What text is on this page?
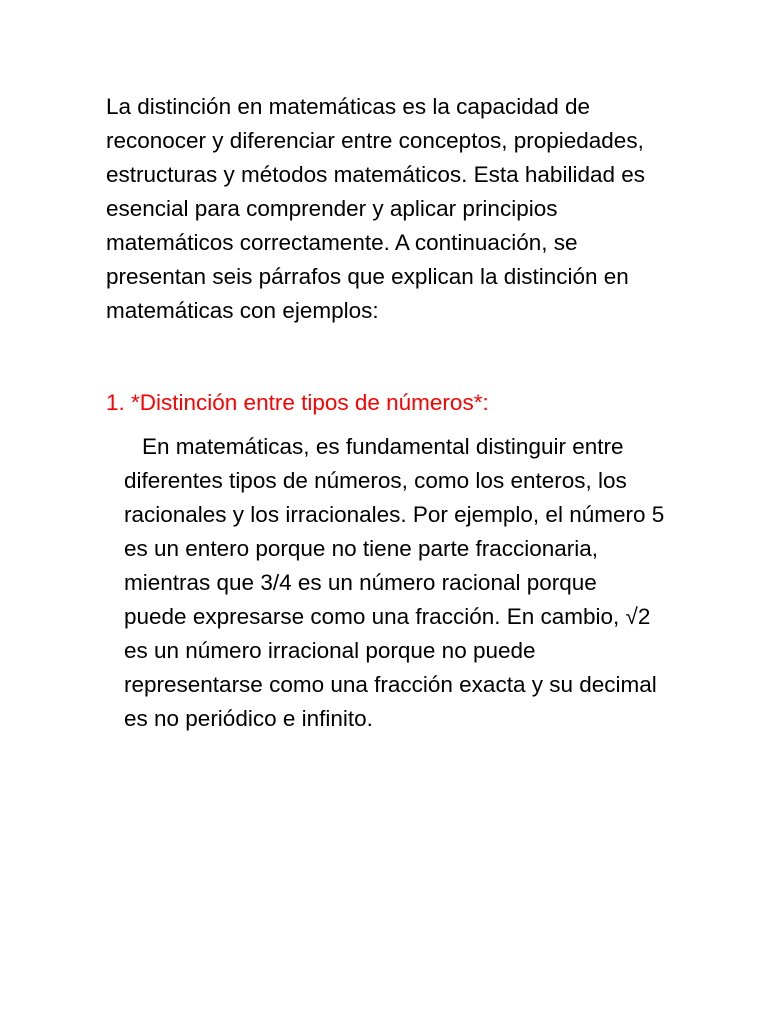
La distinción en matemáticas es la capacidad de
reconocer y diferenciar entre conceptos, propiedades,
estructuras y métodos matemáticos. Esta habilidad es
esencial para comprender y aplicar principios
matemáticos correctamente. A continuación, se
presentan seis párrafos que explican la distinción en
matemáticas con ejemplos:

1. *Distinción entre tipos de números*:

En matemáticas, es fundamental distinguir entre
diferentes tipos de números, como los enteros, los
racionales y los irracionales. Por ejemplo, el número 5
es un entero porque no tiene parte fraccionaria,
mientras que 3/4 es un número racional porque
puede expresarse como una fracción. En cambio, √2
es un número irracional porque no puede
representarse como una fracción exacta y su decimal
es no periódico e infinito.
